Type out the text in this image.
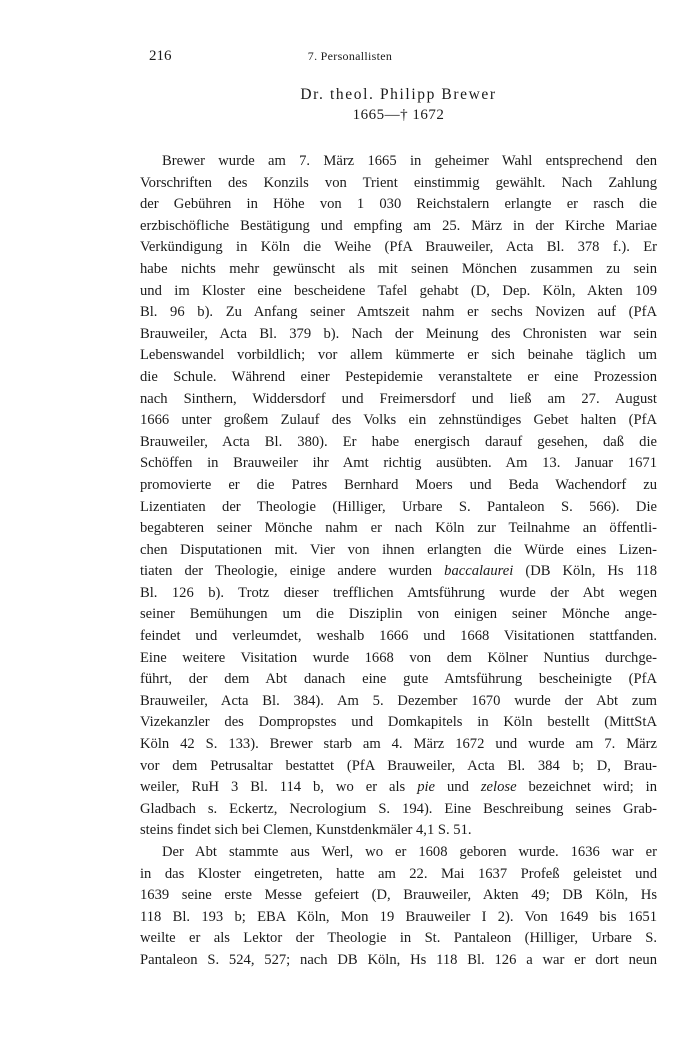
216	7. Personallisten
Dr. theol. Philipp Brewer
1665—† 1672
Brewer wurde am 7. März 1665 in geheimer Wahl entsprechend den
Vorschriften des Konzils von Trient einstimmig gewählt. Nach Zahlung
der Gebühren in Höhe von 1 030 Reichstalern erlangte er rasch die
erzbischöfliche Bestätigung und empfing am 25. März in der Kirche Mariae
Verkündigung in Köln die Weihe (PfA Brauweiler, Acta Bl. 378 f.). Er
habe nichts mehr gewünscht als mit seinen Mönchen zusammen zu sein
und im Kloster eine bescheidene Tafel gehabt (D, Dep. Köln, Akten 109
Bl. 96 b). Zu Anfang seiner Amtszeit nahm er sechs Novizen auf (PfA
Brauweiler, Acta Bl. 379 b). Nach der Meinung des Chronisten war sein
Lebenswandel vorbildlich; vor allem kümmerte er sich beinahe täglich um
die Schule. Während einer Pestepidemie veranstaltete er eine Prozession
nach Sinthern, Widdersdorf und Freimersdorf und ließ am 27. August
1666 unter großem Zulauf des Volks ein zehnstündiges Gebet halten (PfA
Brauweiler, Acta Bl. 380). Er habe energisch darauf gesehen, daß die
Schöffen in Brauweiler ihr Amt richtig ausübten. Am 13. Januar 1671
promovierte er die Patres Bernhard Moers und Beda Wachendorf zu
Lizentiaten der Theologie (Hilliger, Urbare S. Pantaleon S. 566). Die
begabteren seiner Mönche nahm er nach Köln zur Teilnahme an öffentli-
chen Disputationen mit. Vier von ihnen erlangten die Würde eines Lizen-
tiaten der Theologie, einige andere wurden baccalaurei (DB Köln, Hs 118
Bl. 126 b). Trotz dieser trefflichen Amtsführung wurde der Abt wegen
seiner Bemühungen um die Disziplin von einigen seiner Mönche ange-
feindet und verleumdet, weshalb 1666 und 1668 Visitationen stattfanden.
Eine weitere Visitation wurde 1668 von dem Kölner Nuntius durchge-
führt, der dem Abt danach eine gute Amtsführung bescheinigte (PfA
Brauweiler, Acta Bl. 384). Am 5. Dezember 1670 wurde der Abt zum
Vizekanzler des Dompropstes und Domkapitels in Köln bestellt (MittStA
Köln 42 S. 133). Brewer starb am 4. März 1672 und wurde am 7. März
vor dem Petrusaltar bestattet (PfA Brauweiler, Acta Bl. 384 b; D, Brau-
weiler, RuH 3 Bl. 114 b, wo er als pie und zelose bezeichnet wird; in
Gladbach s. Eckertz, Necrologium S. 194). Eine Beschreibung seines Grab-
steins findet sich bei Clemen, Kunstdenkmäler 4,1 S. 51.
Der Abt stammte aus Werl, wo er 1608 geboren wurde. 1636 war er
in das Kloster eingetreten, hatte am 22. Mai 1637 Profeß geleistet und
1639 seine erste Messe gefeiert (D, Brauweiler, Akten 49; DB Köln, Hs
118 Bl. 193 b; EBA Köln, Mon 19 Brauweiler I 2). Von 1649 bis 1651
weilte er als Lektor der Theologie in St. Pantaleon (Hilliger, Urbare S.
Pantaleon S. 524, 527; nach DB Köln, Hs 118 Bl. 126 a war er dort neun
